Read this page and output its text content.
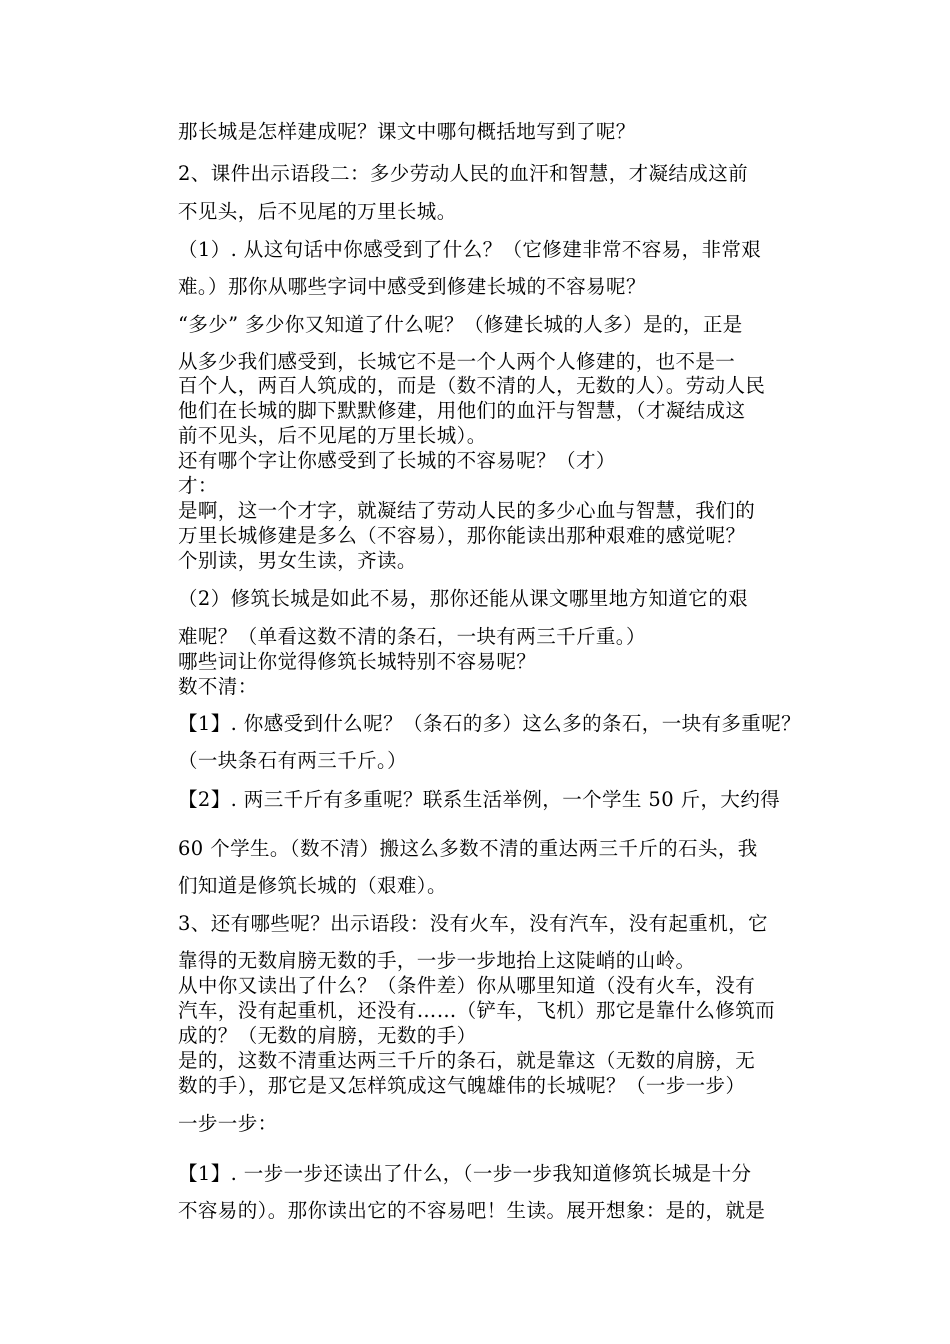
那长城是怎样建成呢？课文中哪句概括地写到了呢？
2、课件出示语段二：多少劳动人民的血汗和智慧，才凝结成这前
不见头，后不见尾的万里长城。
（1）. 从这句话中你感受到了什么？（它修建非常不容易，非常艰
难。）那你从哪些字词中感受到修建长城的不容易呢？
“多少” 多少你又知道了什么呢？（修建长城的人多）是的，正是
从多少我们感受到，长城它不是一个人两个人修建的，也不是一
百个人，两百人筑成的，而是（数不清的人，无数的人）。劳动人民
他们在长城的脚下默默修建，用他们的血汗与智慧，（才凝结成这
前不见头，后不见尾的万里长城）。
还有哪个字让你感受到了长城的不容易呢？（才）
才：
是啊，这一个才字，就凝结了劳动人民的多少心血与智慧，我们的
万里长城修建是多么（不容易），那你能读出那种艰难的感觉呢？
个别读，男女生读，齐读。
（2）修筑长城是如此不易，那你还能从课文哪里地方知道它的艰
难呢？（单看这数不清的条石，一块有两三千斤重。）
哪些词让你觉得修筑长城特别不容易呢？
数不清：
【1】. 你感受到什么呢？（条石的多）这么多的条石，一块有多重呢？
（一块条石有两三千斤。）
【2】. 两三千斤有多重呢？联系生活举例，一个学生 50 斤，大约得
60 个学生。（数不清）搬这么多数不清的重达两三千斤的石头，我
们知道是修筑长城的（艰难）。
3、还有哪些呢？出示语段：没有火车，没有汽车，没有起重机，它
靠得的无数肩膀无数的手，一步一步地抬上这陡峭的山岭。
从中你又读出了什么？（条件差）你从哪里知道（没有火车，没有
汽车，没有起重机，还没有……（铲车，飞机）那它是靠什么修筑而
成的？（无数的肩膀，无数的手）
是的，这数不清重达两三千斤的条石，就是靠这（无数的肩膀，无
数的手），那它是又怎样筑成这气魄雄伟的长城呢？（一步一步）
一步一步：
【1】. 一步一步还读出了什么，（一步一步我知道修筑长城是十分
不容易的）。那你读出它的不容易吧！生读。展开想象：是的，就是
